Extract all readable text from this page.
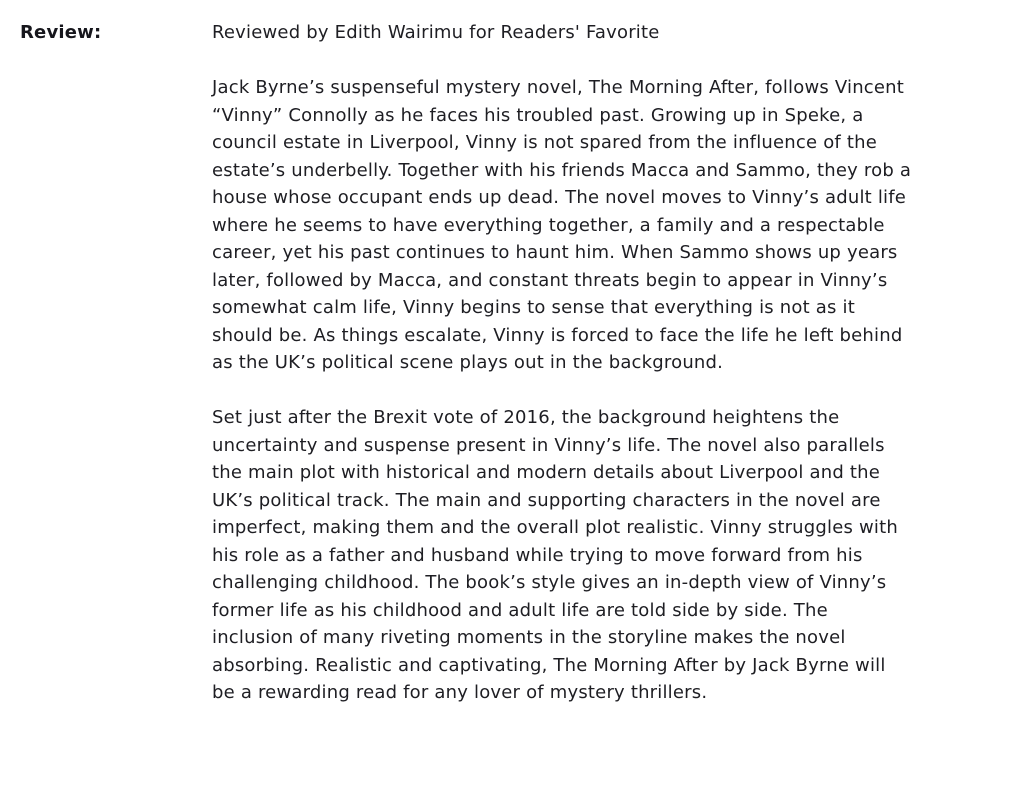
Review:	Reviewed by Edith Wairimu for Readers' Favorite

Jack Byrne’s suspenseful mystery novel, The Morning After, follows Vincent “Vinny” Connolly as he faces his troubled past. Growing up in Speke, a council estate in Liverpool, Vinny is not spared from the influence of the estate’s underbelly. Together with his friends Macca and Sammo, they rob a house whose occupant ends up dead. The novel moves to Vinny’s adult life where he seems to have everything together, a family and a respectable career, yet his past continues to haunt him. When Sammo shows up years later, followed by Macca, and constant threats begin to appear in Vinny’s somewhat calm life, Vinny begins to sense that everything is not as it should be. As things escalate, Vinny is forced to face the life he left behind as the UK’s political scene plays out in the background.

Set just after the Brexit vote of 2016, the background heightens the uncertainty and suspense present in Vinny’s life. The novel also parallels the main plot with historical and modern details about Liverpool and the UK’s political track. The main and supporting characters in the novel are imperfect, making them and the overall plot realistic. Vinny struggles with his role as a father and husband while trying to move forward from his challenging childhood. The book’s style gives an in-depth view of Vinny’s former life as his childhood and adult life are told side by side. The inclusion of many riveting moments in the storyline makes the novel absorbing. Realistic and captivating, The Morning After by Jack Byrne will be a rewarding read for any lover of mystery thrillers.
